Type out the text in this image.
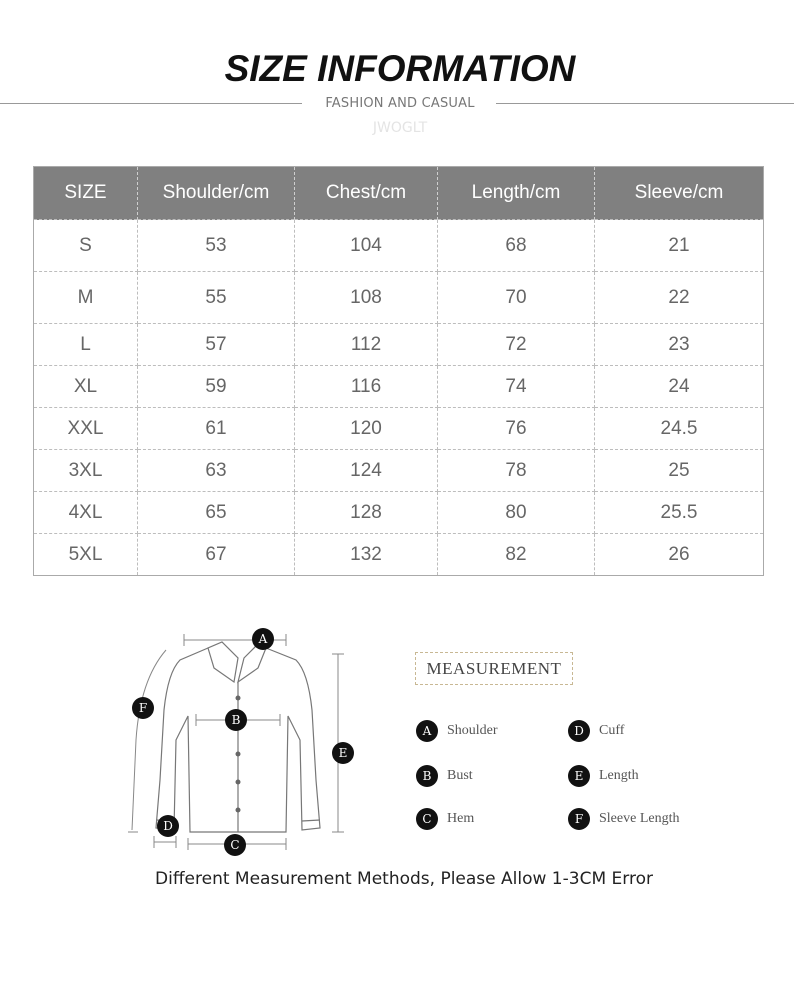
SIZE INFORMATION
FASHION AND CASUAL
JWOGLT
SIZE	Shoulder/cm	Chest/cm	Length/cm	Sleeve/cm
S	53	104	68	21
M	55	108	70	22
L	57	112	72	23
XL	59	116	74	24
XXL	61	120	76	24.5
3XL	63	124	78	25
4XL	65	128	80	25.5
5XL	67	132	82	26
A
B
C
D
E
F
MEASUREMENT
A	Shoulder
B	Bust
C	Hem
D	Cuff
E	Length
F	Sleeve Length
Different Measurement Methods, Please Allow 1-3CM Error
